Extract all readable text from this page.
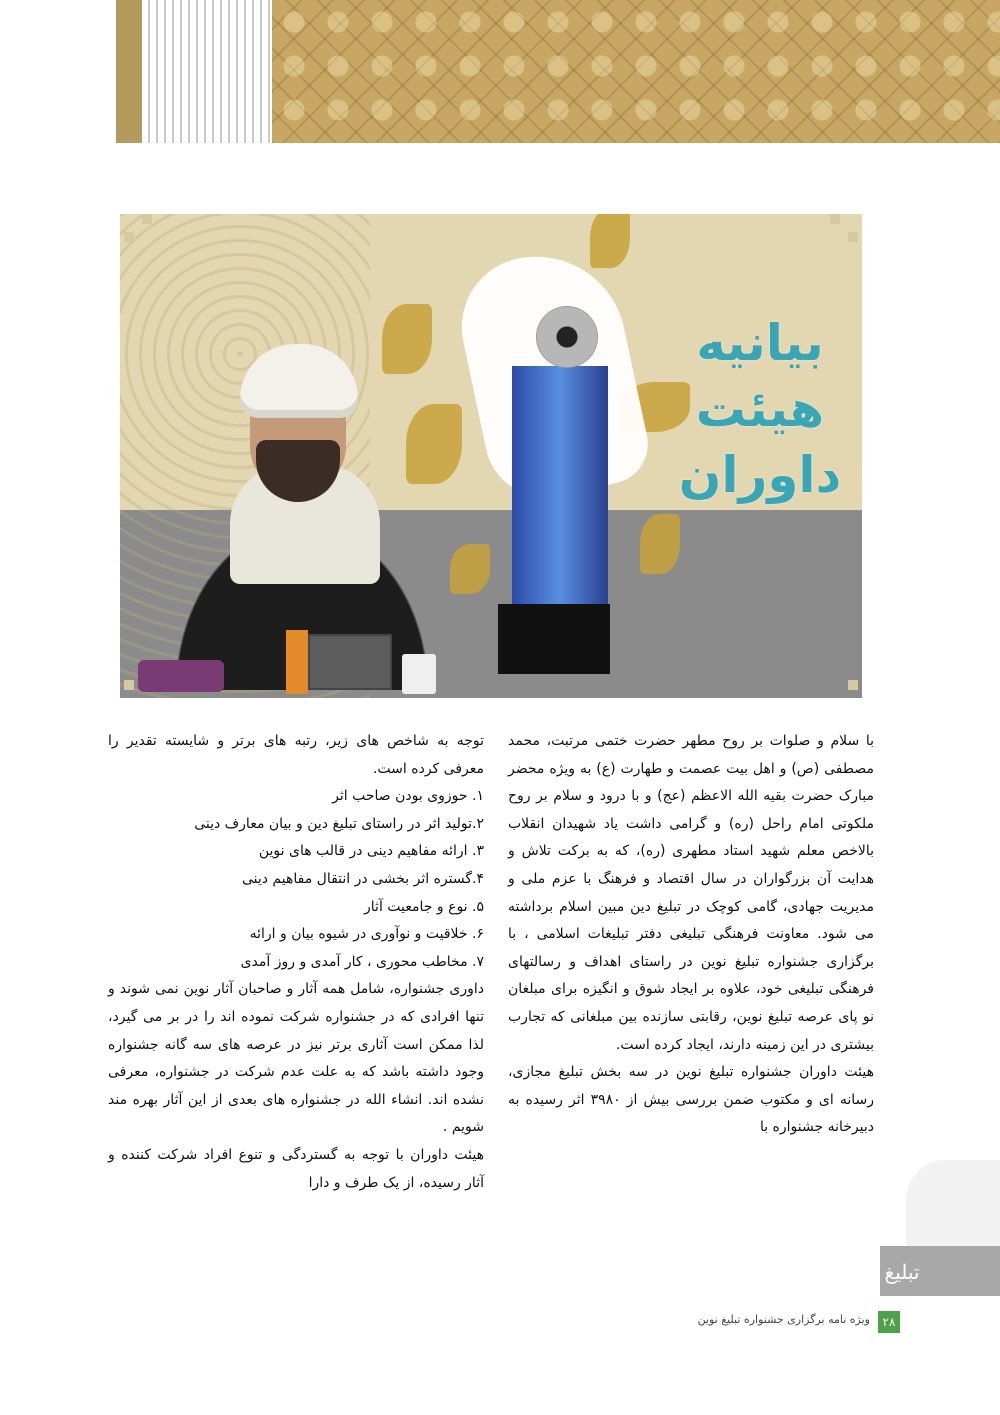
بیانیه
هیئت
داوران

با سلام و صلوات بر روح مطهر حضرت ختمی مرتبت، محمد مصطفی (ص) و اهل بیت عصمت و طهارت (ع) به ویژه محضر مبارک حضرت بقیه الله الاعظم (عج) و با درود و سلام بر روح ملکوتی امام راحل (ره) و گرامی داشت یاد شهیدان انقلاب بالاخص معلم شهید استاد مطهری (ره)، که به برکت تلاش و هدایت آن بزرگواران در سال اقتصاد و فرهنگ با عزم ملی و مدیریت جهادی، گامی کوچک در تبلیغ دین مبین اسلام برداشته می شود. معاونت فرهنگی تبلیغی دفتر تبلیغات اسلامی ، با برگزاری جشنواره تبلیغ نوین در راستای اهداف و رسالتهای فرهنگی تبلیغی خود، علاوه بر ایجاد شوق و انگیزه برای مبلغان نو پای عرصه تبلیغ نوین، رقابتی سازنده بین مبلغانی که تجارب بیشتری در این زمینه دارند، ایجاد کرده است.

هیئت داوران جشنواره تبلیغ نوین در سه بخش تبلیغ مجازی، رسانه ای و مکتوب ضمن بررسی بیش از ۳۹۸۰ اثر رسیده به دبیرخانه جشنواره با

توجه به شاخص های زیر، رتبه های برتر و شایسته تقدیر را معرفی کرده است.

۱. حوزوی بودن صاحب اثر
۲.تولید اثر در راستای تبلیغ دین و بیان معارف دینی
۳. ارائه مفاهیم دینی در قالب های نوین
۴.گستره اثر بخشی در انتقال مفاهیم دینی
۵. نوع و جامعیت آثار
۶. خلاقیت و نوآوری در شیوه بیان و ارائه
۷. مخاطب محوری ، کار آمدی و روز آمدی

داوری جشنواره، شامل همه آثار و صاحبان آثار نوین نمی شوند و تنها افرادی که در جشنواره شرکت نموده اند را در بر می گیرد، لذا ممکن است آثاری برتر نیز در عرصه های سه گانه جشنواره وجود داشته باشد که به علت عدم شرکت در جشنواره، معرفی نشده اند. انشاء الله در جشنواره های بعدی از این آثار بهره مند شویم .

هیئت داوران با توجه به گستردگی و تنوع افراد شرکت کننده و آثار رسیده، از یک طرف و دارا

تبلیغ
۲۸
ویژه نامه برگزاری جشنواره تبلیغ نوین
